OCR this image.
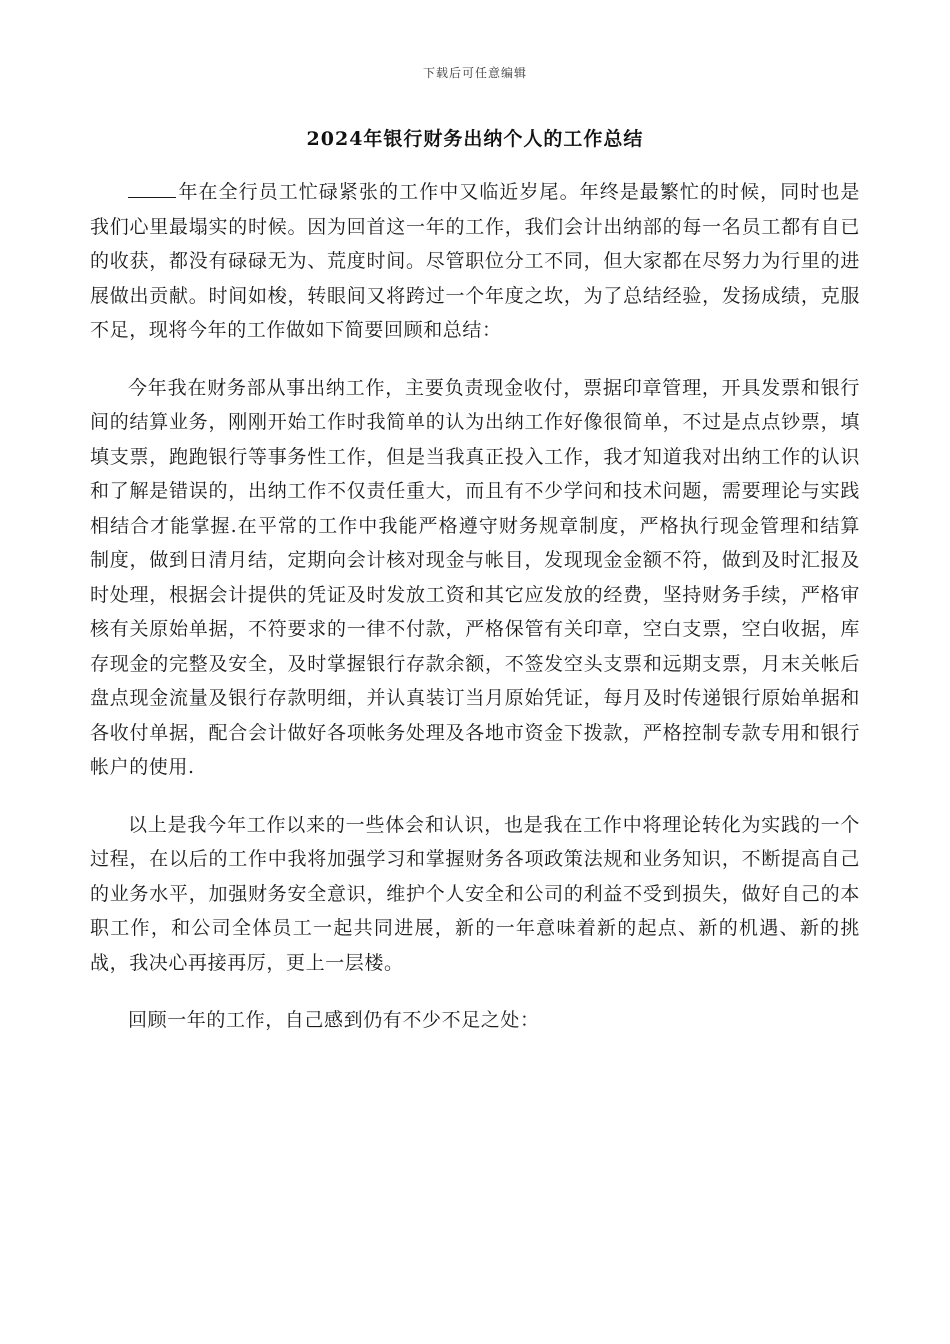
下载后可任意编辑
2024年银行财务出纳个人的工作总结

年在全行员工忙碌紧张的工作中又临近岁尾。年终是最繁忙的时候，同时也是我们心里最塌实的时候。因为回首这一年的工作，我们会计出纳部的每一名员工都有自已的收获，都没有碌碌无为、荒度时间。尽管职位分工不同，但大家都在尽努力为行里的进展做出贡献。时间如梭，转眼间又将跨过一个年度之坎，为了总结经验，发扬成绩，克服不足，现将今年的工作做如下简要回顾和总结：

今年我在财务部从事出纳工作，主要负责现金收付，票据印章管理，开具发票和银行间的结算业务，刚刚开始工作时我简单的认为出纳工作好像很简单，不过是点点钞票，填填支票，跑跑银行等事务性工作，但是当我真正投入工作，我才知道我对出纳工作的认识和了解是错误的，出纳工作不仅责任重大，而且有不少学问和技术问题，需要理论与实践相结合才能掌握.在平常的工作中我能严格遵守财务规章制度，严格执行现金管理和结算制度，做到日清月结，定期向会计核对现金与帐目，发现现金金额不符，做到及时汇报及时处理，根据会计提供的凭证及时发放工资和其它应发放的经费，坚持财务手续，严格审核有关原始单据，不符要求的一律不付款，严格保管有关印章，空白支票，空白收据，库存现金的完整及安全，及时掌握银行存款余额，不签发空头支票和远期支票，月末关帐后盘点现金流量及银行存款明细，并认真装订当月原始凭证，每月及时传递银行原始单据和各收付单据，配合会计做好各项帐务处理及各地市资金下拨款，严格控制专款专用和银行帐户的使用.

以上是我今年工作以来的一些体会和认识，也是我在工作中将理论转化为实践的一个过程，在以后的工作中我将加强学习和掌握财务各项政策法规和业务知识，不断提高自己的业务水平，加强财务安全意识，维护个人安全和公司的利益不受到损失，做好自己的本职工作，和公司全体员工一起共同进展，新的一年意味着新的起点、新的机遇、新的挑战，我决心再接再厉，更上一层楼。

回顾一年的工作，自己感到仍有不少不足之处：
